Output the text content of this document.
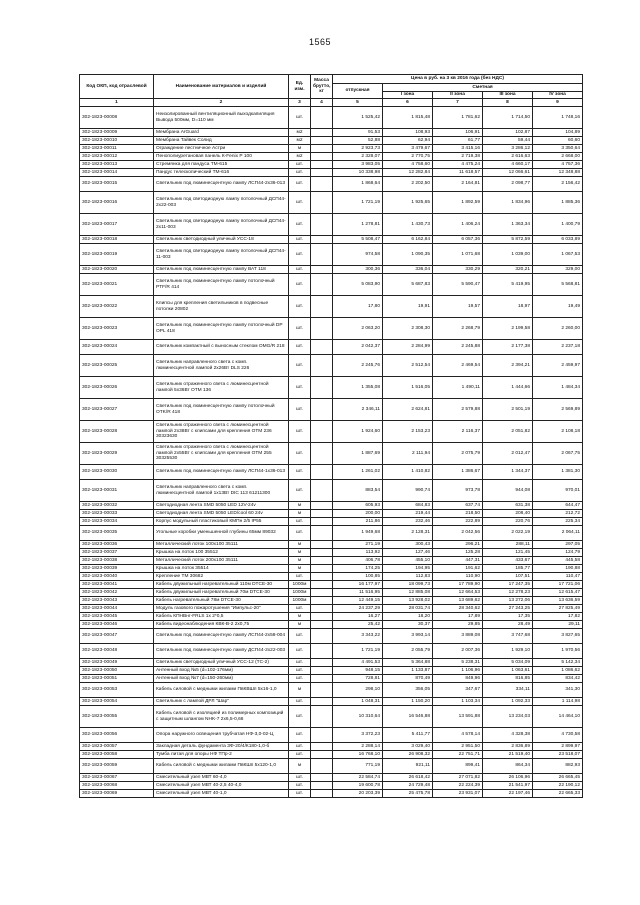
1565
Код ОКП, код отраслевой	Наименование материалов и изделий	Ед. изм.	Масса брутто, кг	Цена в руб. на 3 кв 2016 года (без НДС)				
				отпускная	Сметная			
					I зона	II зона	III зона	IV зона
1	2	3	4	5	6	7	8	9
302-1823-00008	Неизолированный вентиляционный выходкапиляция Вывода 500мм, D=110 мм	шт.		1 525,42	1 815,48	1 781,62	1 714,50	1 748,16
302-1823-00009	Мембрана ArGuard	м2		91,53	108,93	106,91	102,87	104,89
302-1823-00010	Мембрана Тайвек Солид	м2		52,88	62,94	61,77	59,44	60,60
302-1823-00011	Ограждение лестничное Астри	м		2 923,73	3 479,67	3 415,16	3 286,12	3 350,64
302-1823-00012	Пенополиуретановая панель К-Fenix Р 100	м2		2 328,07	2 770,75	2 719,38	2 616,63	2 668,00
302-1823-00013	Стремянка для пандуса ТМ-615	шт.		3 983,05	4 758,60	4 475,24	4 660,17	4 757,36
302-1823-00014	Пандус телескопический ТМ-616	шт.		10 338,98	12 282,84	11 618,57	12 066,61	12 348,88
302-1823-00015	Светильник под люминесцентную лампу ЛСП44-2х36-013	шт.		1 868,64	2 202,50	2 164,81	2 098,77	2 156,42
302-1823-00016	Светильник под светодиодную лампу потолочный ДСП44-2х22-003	шт.		1 721,19	1 925,65	1 892,59	1 834,96	1 885,36
302-1823-00017	Светильник под светодиодную лампу потолочный ДСП44-2х11-003	шт.		1 278,81	1 430,73	1 406,24	1 363,34	1 400,79
302-1823-00018	Светильник светодиодный уличный УСС-18	шт.		5 508,47	6 162,84	6 057,36	5 872,59	6 033,89
302-1823-00019	Светильник под светодиодную лампу потолочный ДСП44-11-003	шт.		974,58	1 090,35	1 071,68	1 039,00	1 067,53
302-1823-00020	Светильник под люминесцентную лампу ВАТ 118	шт.		300,36	336,04	330,29	320,21	329,00
302-1823-00021	Светильник под люминесцентную лампу потолочный PTF/R 414	шт.		5 083,90	5 687,83	5 590,47	5 419,95	5 568,81
302-1823-00022	Клипсы для крепления светильников в подвесные потолки 20802	шт.		17,80	19,91	19,57	18,97	19,49
302-1823-00023	Светильник под люминесцентную лампу потолочный DP OPL 418	шт.		2 063,20	2 308,30	2 268,79	2 199,58	2 260,00
302-1823-00024	Светильник компактный с выносным стеклом OMG/R 218	шт.		2 042,37	2 284,99	2 245,88	2 177,38	2 237,18
302-1823-00025	Светильник направленного света с комп. люминесцентной лампой 2х26Вт DLS 226	шт.		2 245,76	2 512,54	2 469,54	2 394,21	2 459,97
302-1823-00026	Светильник отраженного света с люминесцентной лампой 5х36Вт OTM 136	шт.		1 355,08	1 516,05	1 490,11	1 444,66	1 484,34
302-1823-00027	Светильник под люминесцентную лампу потолочный OTK/R 418	шт.		2 346,11	2 624,81	2 579,88	2 501,19	2 569,89
302-1823-00028	Светильник отраженного света с люминесцентной лампой 2х38Вт с клипсами для крепления OTM 236 30323630	шт.		1 924,60	2 153,23	2 116,37	2 051,82	2 108,18
302-1823-00029	Светильник отраженного света с люминесцентной лампой 2х55Вт с клипсами для крепления OTM 255 30325530	шт.		1 887,69	2 111,94	2 075,79	2 012,47	2 067,75
302-1823-00030	Светильник под люминесцентную лампу ЛСП44-1х36-013	шт.		1 261,02	1 410,82	1 386,67	1 344,37	1 381,30
302-1823-00031	Светильник направленного света с комп. люминесцентной лампой 1х13Вт DIC 113 61211300	шт.		883,54	990,74	973,78	944,08	970,01
302-1823-00032	Светодиодная лента SMD 5050 LED 12V-24v	м		605,93	684,83	637,74	631,38	644,47
302-1823-00033	Светодиодная лента SMD 5050 LED/cool 60 24v	м		200,00	219,44	218,50	208,40	212,72
302-1823-00034	Корпус модульный пластиковый КМПн 2/5 IP55	шт.		211,86	232,46	222,89	220,76	225,34
302-1823-00035	Угольные коробки уменьшенной глубины 65мм 89032	шт.		1 949,68	2 128,31	2 042,56	2 022,19	2 064,11
302-1823-00036	Металлический лоток 100х100 35111	м		271,19	300,43	296,21	288,11	297,05
302-1823-00037	Крышка на лоток 100 35512	м		113,92	127,46	125,28	121,45	124,79
302-1823-00038	Металлический лоток 200х100 35111	м		406,78	455,10	447,31	433,67	445,58
302-1823-00039	Крышка на лоток 35514	м		174,25	194,95	191,62	185,77	190,88
302-1823-00040	Крепление ТМ 30682	шт.		100,85	112,83	110,90	107,51	110,47
302-1823-00041	Кабель двужильный нагревательный 110м DTCE-30	1000м		16 177,97	18 099,73	17 789,90	17 247,35	17 721,06
302-1823-00042	Кабель двужильный нагревательный 70м DTCE-30	1000м		11 516,95	12 885,08	12 664,53	12 278,23	12 615,47
302-1823-00043	Кабель нагревательный 78м DTCE-30	1000м		12 449,15	13 928,02	13 689,62	13 272,06	13 636,59
302-1823-00044	Модуль газового пожаротушения "Импульс-20"	шт.		24 237,29	28 031,74	28 340,62	27 243,25	27 825,49
302-1823-00045	Кабель КПНВнг-FRLS 1х 2*0,5	м		16,27	18,20	17,89	17,35	17,82
302-1823-00046	Кабель видеонаблюдения КВК-В-2 2х0,75	м		25,42	30,37	29,85	28,49	29,11
302-1823-00047	Светильник под люминесцентную лампу ЛСП44-2х58-004	шт.		3 343,22	3 993,14	3 889,08	3 747,68	3 827,65
302-1823-00048	Светильник под люминесцентную лампу ДСП44-2х22-003	шт.		1 721,19	2 055,79	2 007,36	1 929,10	1 970,56
302-1823-00049	Светильник светодиодный уличный УСС-12 (ТС-2)	шт.		4 491,53	5 364,88	5 238,31	5 034,09	5 142,34
302-1823-00050	Антенный вход №5 (d=102-176мм)	шт.		948,15	1 133,87	1 106,96	1 063,61	1 086,62
302-1823-00051	Антенный вход №7 (d=150-260мм)	шт.		728,81	870,49	849,96	816,85	834,42
302-1823-00053	Кабель силовой с медными жилами ПвКВШп 5х16-1,0	м		298,10	356,05	347,67	334,11	341,30
302-1823-00054	Светильник с лампой ДРЛ "Шар"	шт.		1 048,31	1 150,20	1 103,34	1 092,33	1 114,98
302-1823-00055	Кабель силовой с изоляцией из полимерных композиций с защитным шлангом NHK-7 2х6,5-0,66	шт.		10 310,64	16 546,88	13 591,88	13 234,03	14 464,10
302-1823-00056	Опора наружного освещения трубчатая НФ-3,0-02-Ц	шт.		3 372,23	5 411,77	4 578,14	4 328,38	4 730,58
302-1823-00057	Закладная деталь фундамента ЗФ-20/4/К180-1,0-б	шт.		2 288,14	3 029,40	2 951,50	2 836,89	2 899,97
302-1823-00058	Тумба литая для опоры НФ ТПр-2	шт.		16 768,10	26 908,32	22 751,71	21 519,40	23 518,07
302-1823-00059	Кабель силовой с медными жилами ПвКШп 5х120-1,0	м		771,19	921,11	899,41	864,34	882,93
302-1823-00067	Смесительный узел МВТ 60-4,0	шт.		22 584,74	26 618,42	27 071,82	26 106,96	26 665,45
302-1823-00068	Смесительный узел МВТ 40-2,5 40-4,0	шт.		19 600,78	24 729,48	22 224,39	21 541,97	22 190,12
302-1823-00069	Смесительный узел МВТ 40-1,0	шт.		20 203,39	25 475,78	23 931,07	22 197,46	22 665,33
